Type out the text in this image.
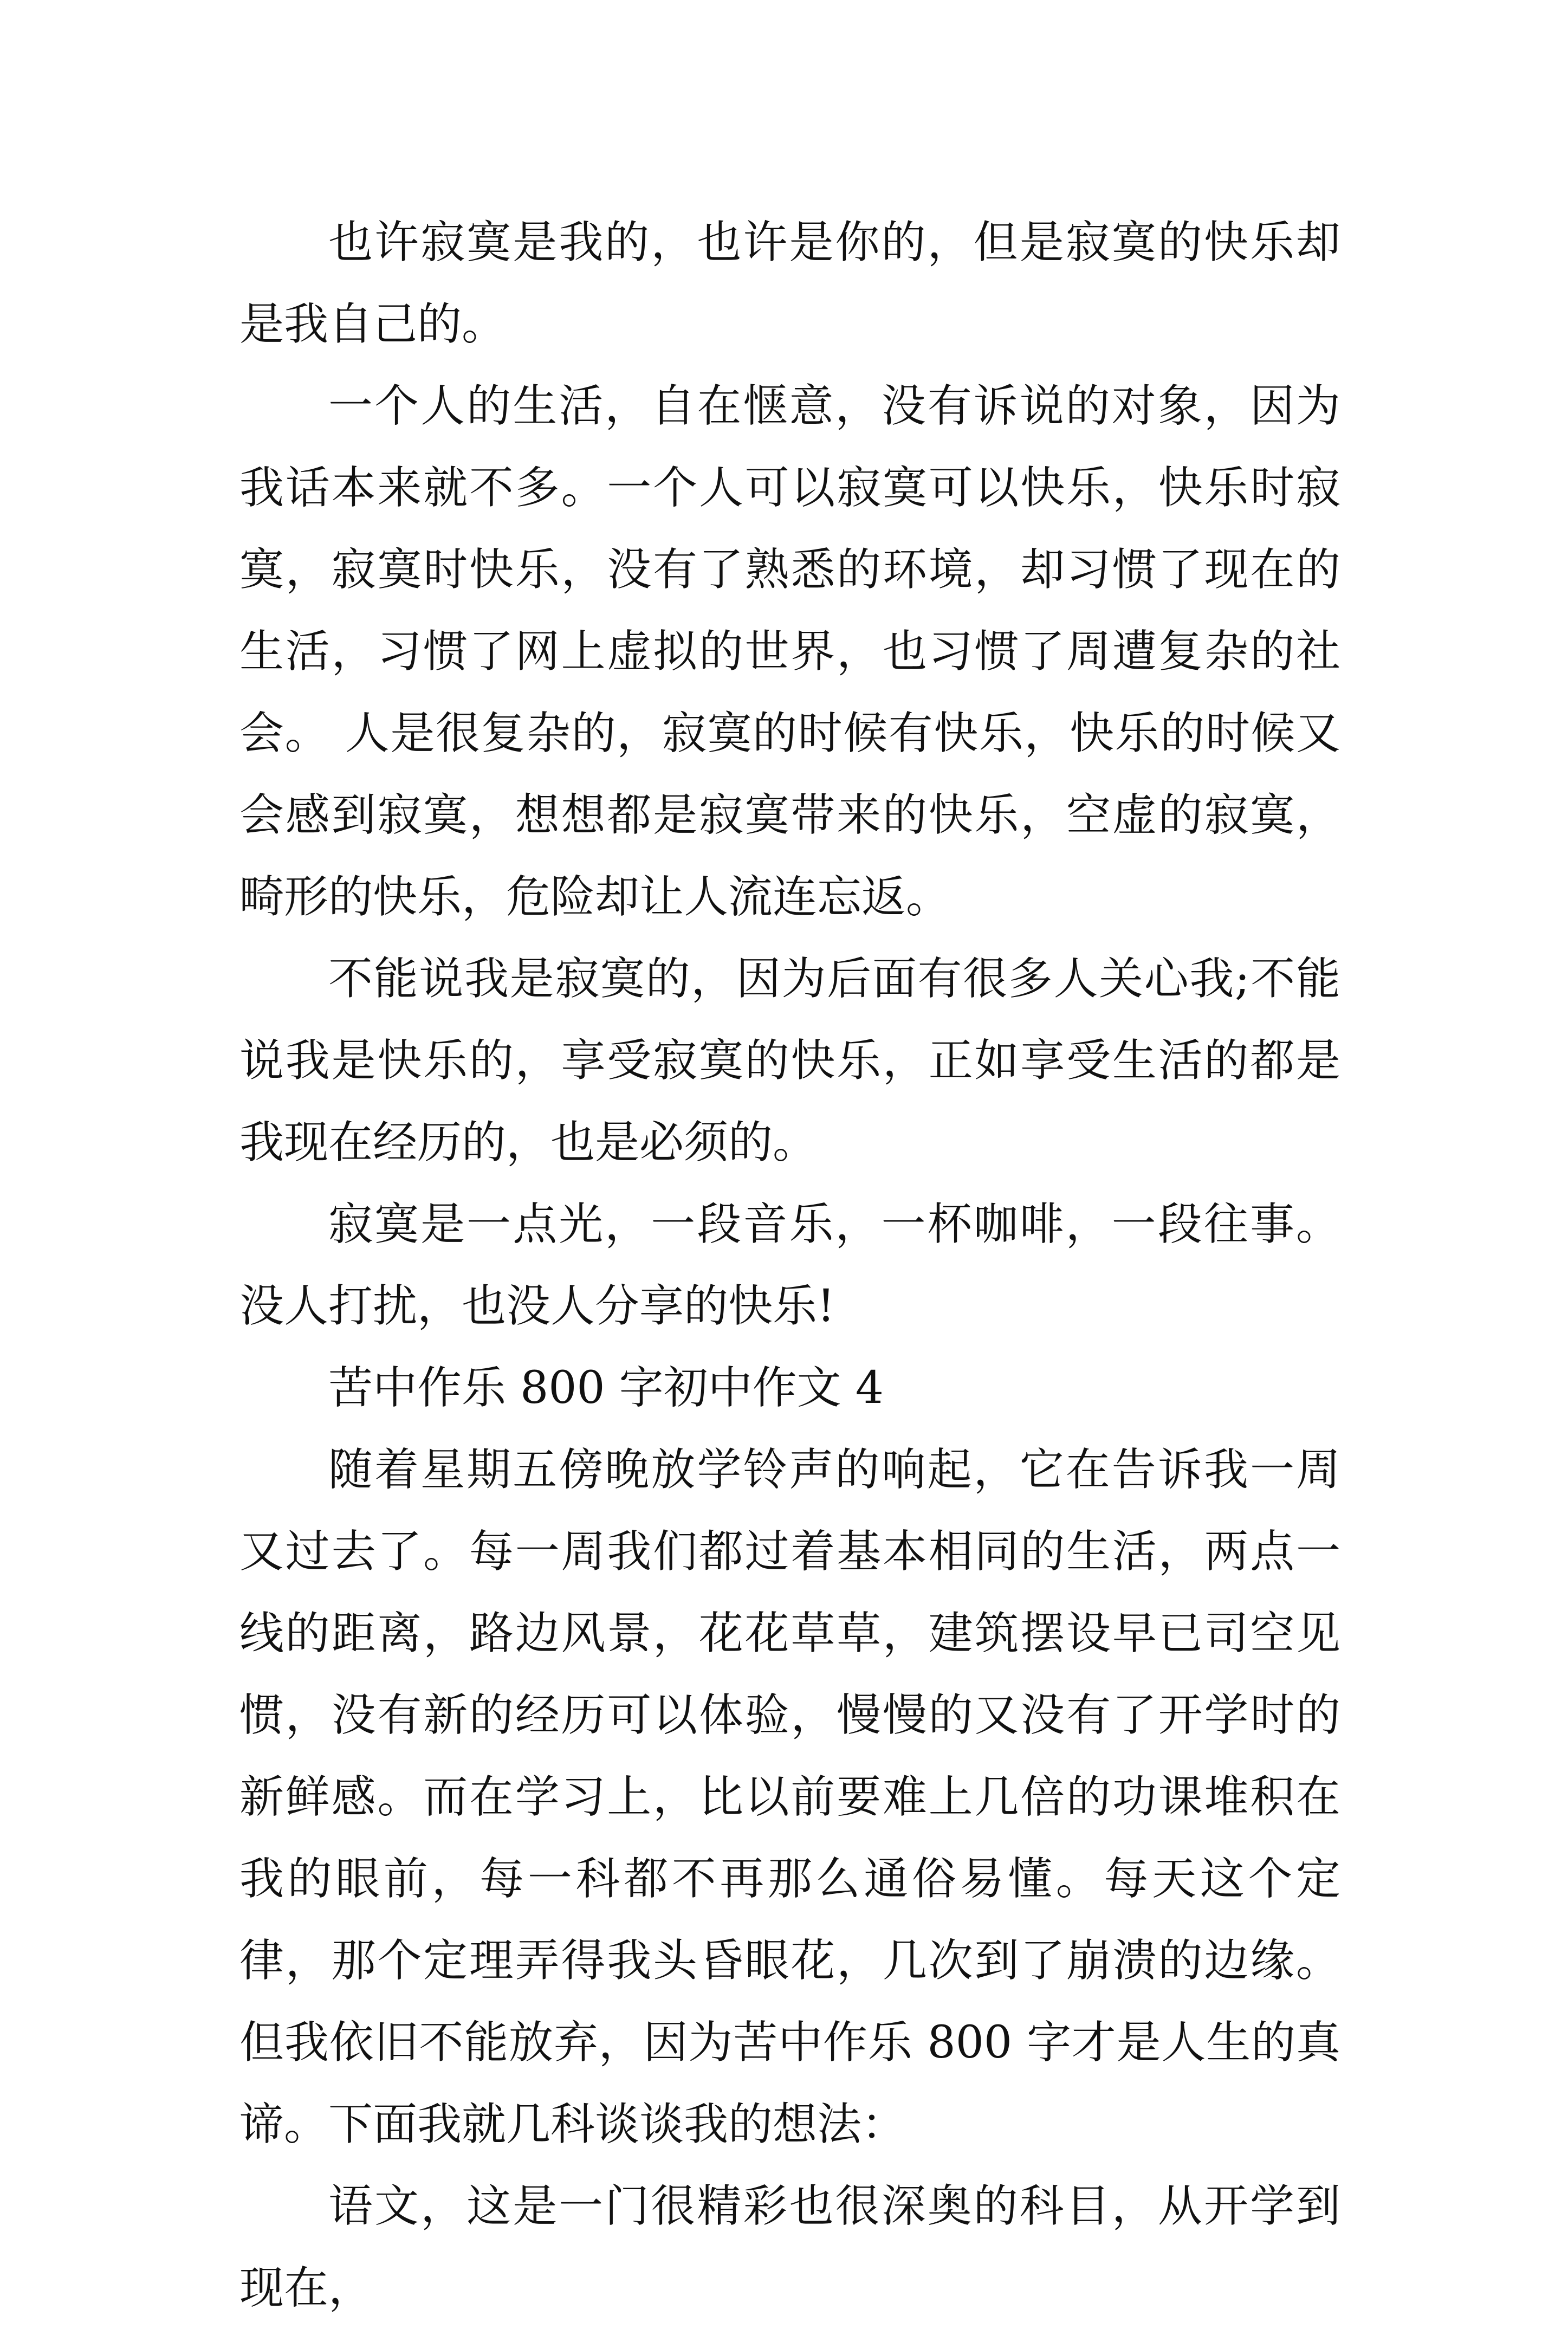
也许寂寞是我的，也许是你的，但是寂寞的快乐却是我自己的。

一个人的生活，自在惬意，没有诉说的对象，因为我话本来就不多。一个人可以寂寞可以快乐，快乐时寂寞，寂寞时快乐，没有了熟悉的环境，却习惯了现在的生活，习惯了网上虚拟的世界，也习惯了周遭复杂的社会。 人是很复杂的，寂寞的时候有快乐，快乐的时候又会感到寂寞，想想都是寂寞带来的快乐，空虚的寂寞，畸形的快乐，危险却让人流连忘返。

不能说我是寂寞的，因为后面有很多人关心我;不能说我是快乐的，享受寂寞的快乐，正如享受生活的都是我现在经历的，也是必须的。

寂寞是一点光，一段音乐，一杯咖啡，一段往事。没人打扰，也没人分享的快乐!

苦中作乐 800 字初中作文 4

随着星期五傍晚放学铃声的响起，它在告诉我一周又过去了。每一周我们都过着基本相同的生活，两点一线的距离，路边风景，花花草草，建筑摆设早已司空见惯，没有新的经历可以体验，慢慢的又没有了开学时的新鲜感。而在学习上，比以前要难上几倍的功课堆积在我的眼前，每一科都不再那么通俗易懂。每天这个定律，那个定理弄得我头昏眼花，几次到了崩溃的边缘。但我依旧不能放弃，因为苦中作乐 800 字才是人生的真谛。下面我就几科谈谈我的想法：

语文，这是一门很精彩也很深奥的科目，从开学到现在，
